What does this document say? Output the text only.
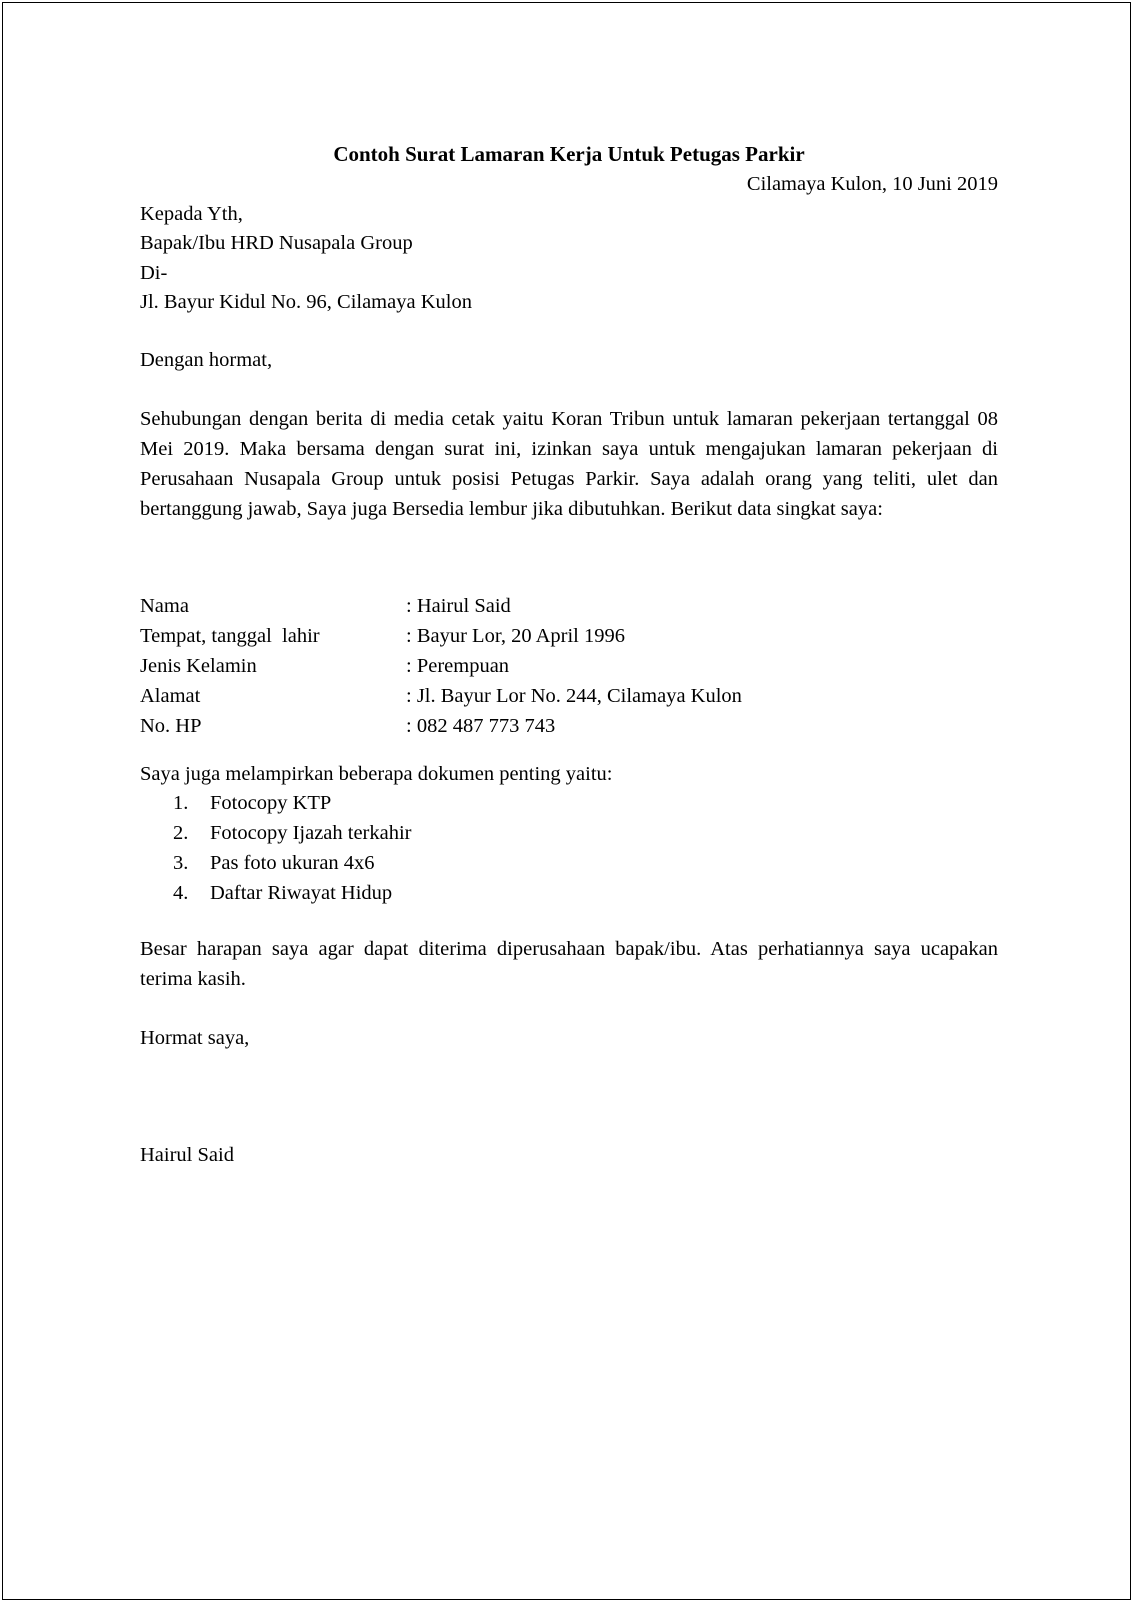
Contoh Surat Lamaran Kerja Untuk Petugas Parkir
Cilamaya Kulon, 10 Juni 2019
Kepada Yth,
Bapak/Ibu HRD Nusapala Group
Di-
Jl. Bayur Kidul No. 96, Cilamaya Kulon
Dengan hormat,
Sehubungan dengan berita di media cetak yaitu Koran Tribun untuk lamaran pekerjaan tertanggal 08 Mei 2019. Maka bersama dengan surat ini, izinkan saya untuk mengajukan lamaran pekerjaan di Perusahaan Nusapala Group untuk posisi Petugas Parkir. Saya adalah orang yang teliti, ulet dan bertanggung jawab, Saya juga Bersedia lembur jika dibutuhkan. Berikut data singkat saya:
Nama	: Hairul Said
Tempat, tanggal  lahir	: Bayur Lor, 20 April 1996
Jenis Kelamin	: Perempuan
Alamat	: Jl. Bayur Lor No. 244, Cilamaya Kulon
No. HP	: 082 487 773 743
Saya juga melampirkan beberapa dokumen penting yaitu:
1. Fotocopy KTP
2. Fotocopy Ijazah terkahir
3. Pas foto ukuran 4x6
4. Daftar Riwayat Hidup
Besar harapan saya agar dapat diterima diperusahaan bapak/ibu. Atas perhatiannya saya ucapakan terima kasih.
Hormat saya,
Hairul Said
